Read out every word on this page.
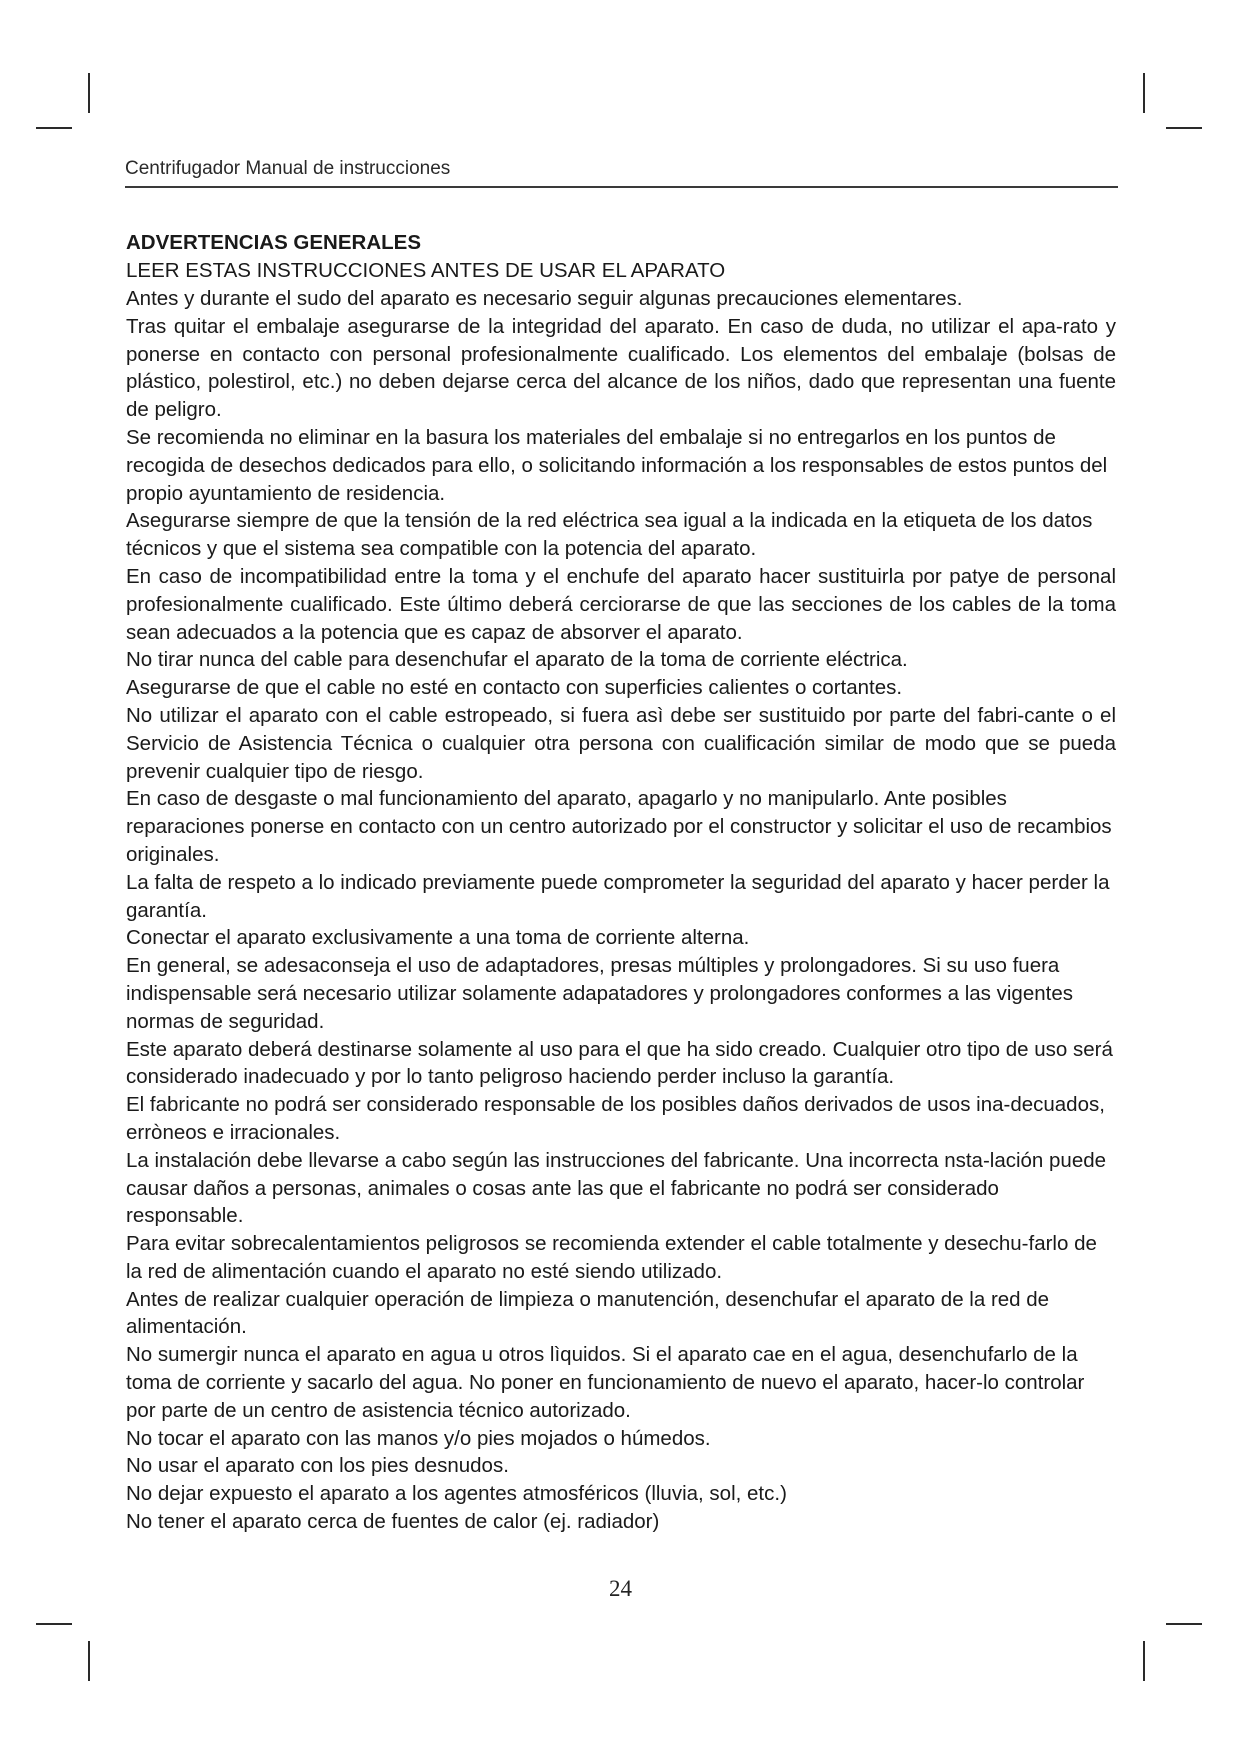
Centrifugador Manual de instrucciones
ADVERTENCIAS GENERALES
LEER ESTAS INSTRUCCIONES ANTES DE USAR EL APARATO
Antes y durante el sudo del aparato es necesario seguir algunas precauciones elementares.
Tras quitar el embalaje asegurarse de la integridad del aparato. En caso de duda, no utilizar el apa-rato y ponerse en contacto con personal profesionalmente cualificado. Los elementos del embalaje (bolsas de plástico, polestirol, etc.) no deben dejarse cerca del alcance de los niños, dado que representan una fuente de peligro.
Se recomienda no eliminar en la basura los materiales del embalaje si no entregarlos en los puntos de recogida de desechos dedicados para ello, o solicitando información a los responsables de estos puntos del propio ayuntamiento de residencia.
Asegurarse siempre de que la tensión de la red eléctrica sea igual a la indicada en la etiqueta de los datos técnicos y que el sistema sea compatible con la potencia del aparato.
En caso de incompatibilidad entre la toma y el enchufe del aparato hacer sustituirla por patye de personal profesionalmente cualificado. Este último deberá cerciorarse de que las secciones de los cables de la toma sean adecuados a la potencia que es capaz de absorver el aparato.
No tirar nunca del cable para desenchufar el aparato de la toma de corriente eléctrica.
Asegurarse de que el cable no esté en contacto con superficies calientes o cortantes.
No utilizar el aparato con el cable estropeado, si fuera asì debe ser sustituido por parte del fabri-cante o el Servicio de Asistencia Técnica o cualquier otra persona con cualificación similar de modo que se pueda prevenir cualquier tipo de riesgo.
En caso de desgaste o mal funcionamiento del aparato, apagarlo y no manipularlo. Ante posibles reparaciones ponerse en contacto con un centro autorizado por el constructor y solicitar el uso de recambios originales.
La falta de respeto a lo indicado previamente puede comprometer la seguridad del aparato y hacer perder la garantía.
Conectar el aparato exclusivamente a una toma de corriente alterna.
En general, se adesaconseja el uso de adaptadores, presas múltiples y prolongadores. Si su uso fuera indispensable será necesario utilizar solamente adapatadores y prolongadores conformes a las vigentes normas de seguridad.
Este aparato deberá destinarse solamente al uso para el que ha sido creado. Cualquier otro tipo de uso será considerado inadecuado y por lo tanto peligroso haciendo perder incluso la garantía.
El fabricante no podrá ser considerado responsable de los posibles daños derivados de usos ina-decuados, errònеos e irracionales.
La instalación debe llevarse a cabo según las instrucciones del fabricante. Una incorrecta nsta-lación puede causar daños a personas, animales o cosas ante las que el fabricante no podrá ser considerado responsable.
Para evitar sobrecalentamientos peligrosos se recomienda extender el cable totalmente y desechu-farlo de la red de alimentación cuando el aparato no esté siendo utilizado.
Antes de realizar cualquier operación de limpieza o manutención, desenchufar el aparato de la red de alimentación.
No sumergir nunca el aparato en agua u otros lìquidos. Si el aparato cae en el agua, desenchufarlo de la toma de corriente y sacarlo del agua. No poner en funcionamiento de nuevo el aparato, hacer-lo controlar por parte de un centro de asistencia técnico autorizado.
No tocar el aparato con las manos y/o pies mojados o húmedos.
No usar el aparato con los pies desnudos.
No dejar expuesto el aparato a los agentes atmosféricos (lluvia, sol, etc.)
No tener el aparato cerca de fuentes de calor (ej. radiador)
24
